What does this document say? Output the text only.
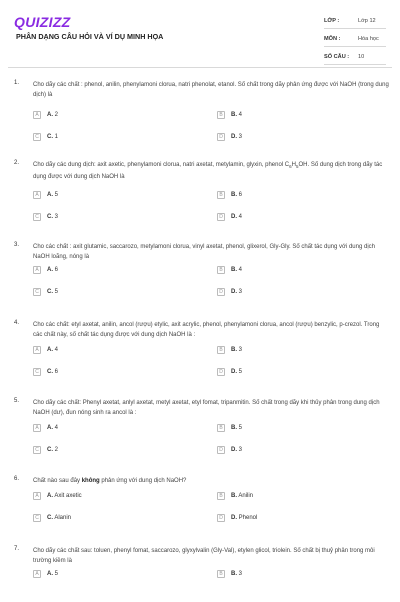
QUIZIZZ
PHÂN DẠNG CÂU HỎI VÀ VÍ DỤ MINH HỌA
LỚP :	Lớp 12
MÔN :	Hóa học
SỐ CÂU :	10
1. Cho dãy các chất : phenol, anilin, phenylamoni clorua, natri phenolat, etanol. Số chất trong dãy phản ứng được với NaOH (trong dung dịch) là
A	A. 2	B	B. 4
C	C. 1	D	D. 3
2. Cho dãy các dung dịch: axit axetic, phenylamoni clorua, natri axetat, metylamin, glyxin, phenol $C_6H_5OH$. Số dung dịch trong dãy tác dụng được với dung dịch NaOH là
A	A. 5	B	B. 6
C	C. 3	D	D. 4
3. Cho các chất : axit glutamic, saccarozo, metylamoni clorua, vinyl axetat, phenol, glixerol, Gly-Gly. Số chất tác dụng với dung dịch NaOH loãng, nóng là
A	A. 6	B	B. 4
C	C. 5	D	D. 3
4. Cho các chất: etyl axetat, anilin, ancol (rượu) etylic, axit acrylic, phenol, phenylamoni clorua, ancol (rượu) benzylic, p-crezol. Trong các chất này, số chất tác dụng được với dung dịch NaOH là :
A	A. 4	B	B. 3
C	C. 6	D	D. 5
5. Cho dãy các chất: Phenyl axetat, anlyl axetat, metyl axetat, etyl fomat, tripanmitin. Số chất trong dãy khi thủy phân trong dung dịch NaOH (dư), đun nóng sinh ra ancol là :
A	A. 4	B	B. 5
C	C. 2	D	D. 3
6. Chất nào sau đây không phản ứng với dung dịch NaOH?
A	A. Axit axetic	B	B. Anilin
C	C. Alanin	D	D. Phenol
7. Cho dãy các chất sau: toluen, phenyl fomat, saccarozo, glyxylvalin (Gly-Val), etylen glicol, triolein. Số chất bị thuỷ phân trong môi trường kiềm là
A	A. 5	B	B. 3
